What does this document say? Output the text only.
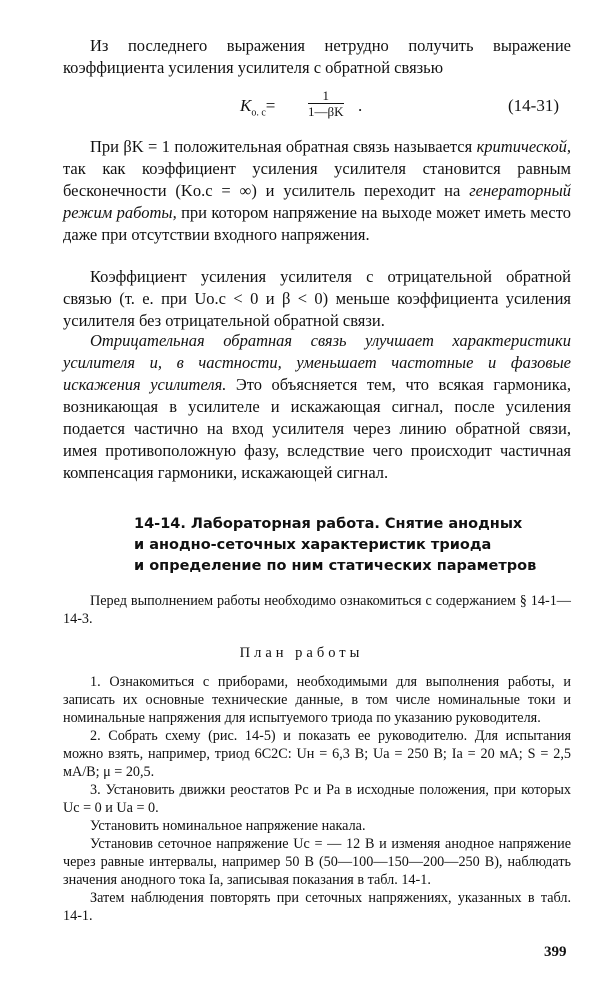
Из последнего выражения нетрудно получить выражение коэффициента усиления усилителя с обратной связью

$K_{о. с}=$	$\frac{1}{1—\beta K}$ .	(14-31)

При βK = 1 положительная обратная связь называется критической, так как коэффициент усиления усилителя становится равным бесконечности (Kо.с = ∞) и усилитель переходит на генераторный режим работы, при котором напряжение на выходе может иметь место даже при отсутствии входного напряжения.

Коэффициент усиления усилителя с отрицательной обратной связью (т. е. при Uо.с < 0 и β < 0) меньше коэффициента усиления усилителя без отрицательной обратной связи.

Отрицательная обратная связь улучшает характеристики усилителя и, в частности, уменьшает частотные и фазовые искажения усилителя. Это объясняется тем, что всякая гармоника, возникающая в усилителе и искажающая сигнал, после усиления подается частично на вход усилителя через линию обратной связи, имея противоположную фазу, вследствие чего происходит частичная компенсация гармоники, искажающей сигнал.

14-14. Лабораторная работа. Снятие анодных
и анодно-сеточных характеристик триода
и определение по ним статических параметров

Перед выполнением работы необходимо ознакомиться с содержанием § 14-1—14-3.

План работы

1. Ознакомиться с приборами, необходимыми для выполнения работы, и записать их основные технические данные, в том числе номинальные токи и номинальные напряжения для испытуемого триода по указанию руководителя.

2. Собрать схему (рис. 14-5) и показать ее руководителю. Для испытания можно взять, например, триод 6С2С: Uн = 6,3 В; Uа = 250 В; Iа = 20 мА; S = 2,5 мА/В; μ = 20,5.

3. Установить движки реостатов Pс и Pа в исходные положения, при которых Uс = 0 и Uа = 0.

Установить номинальное напряжение накала.

Установив сеточное напряжение Uс = — 12 В и изменяя анодное напряжение через равные интервалы, например 50 В (50—100—150—200—250 В), наблюдать значения анодного тока Iа, записывая показания в табл. 14-1.

Затем наблюдения повторять при сеточных напряжениях, указанных в табл. 14-1.

399
